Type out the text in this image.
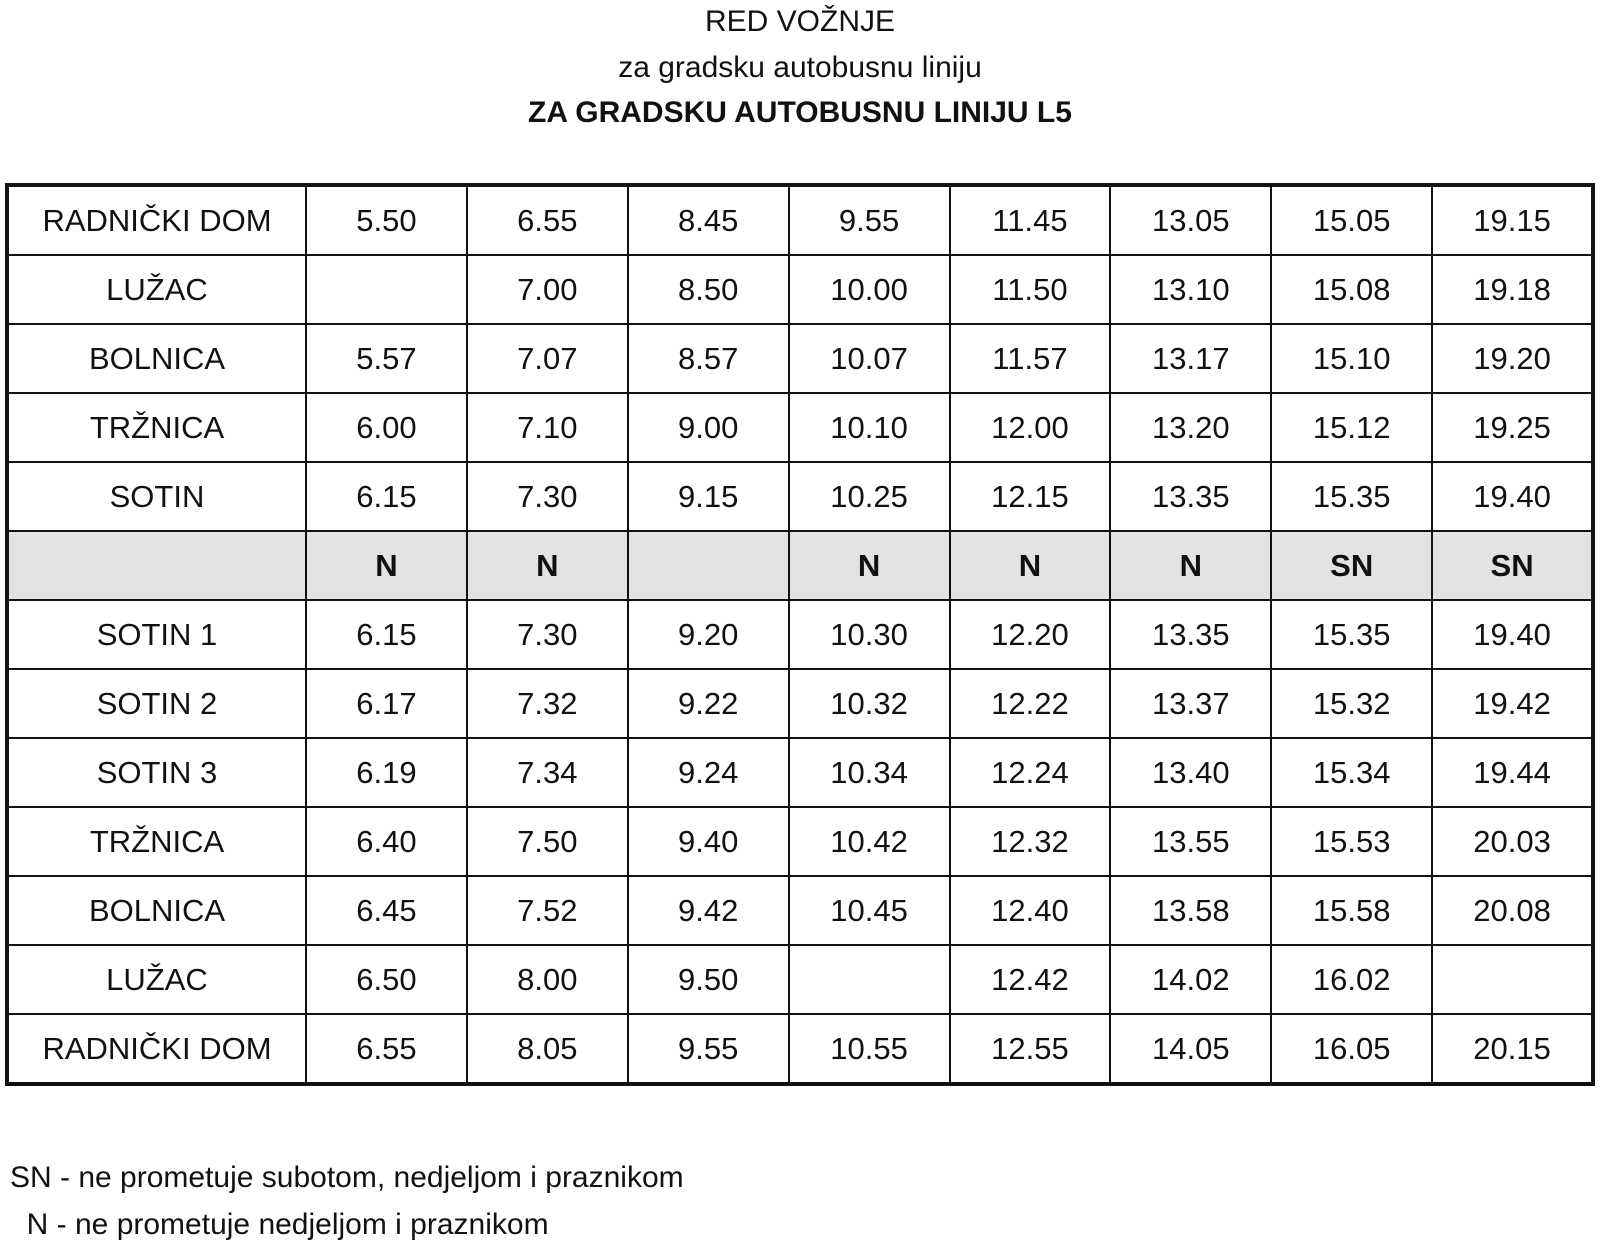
RED VOŽNJE
za gradsku autobusnu liniju
ZA GRADSKU AUTOBUSNU LINIJU L5
RADNIČKI DOM	5.50	6.55	8.45	9.55	11.45	13.05	15.05	19.15
LUŽAC		7.00	8.50	10.00	11.50	13.10	15.08	19.18
BOLNICA	5.57	7.07	8.57	10.07	11.57	13.17	15.10	19.20
TRŽNICA	6.00	7.10	9.00	10.10	12.00	13.20	15.12	19.25
SOTIN	6.15	7.30	9.15	10.25	12.15	13.35	15.35	19.40
	N	N		N	N	N	SN	SN
SOTIN 1	6.15	7.30	9.20	10.30	12.20	13.35	15.35	19.40
SOTIN 2	6.17	7.32	9.22	10.32	12.22	13.37	15.32	19.42
SOTIN 3	6.19	7.34	9.24	10.34	12.24	13.40	15.34	19.44
TRŽNICA	6.40	7.50	9.40	10.42	12.32	13.55	15.53	20.03
BOLNICA	6.45	7.52	9.42	10.45	12.40	13.58	15.58	20.08
LUŽAC	6.50	8.00	9.50		12.42	14.02	16.02	
RADNIČKI DOM	6.55	8.05	9.55	10.55	12.55	14.05	16.05	20.15
SN - ne prometuje subotom, nedjeljom i praznikom
N - ne prometuje nedjeljom i praznikom
